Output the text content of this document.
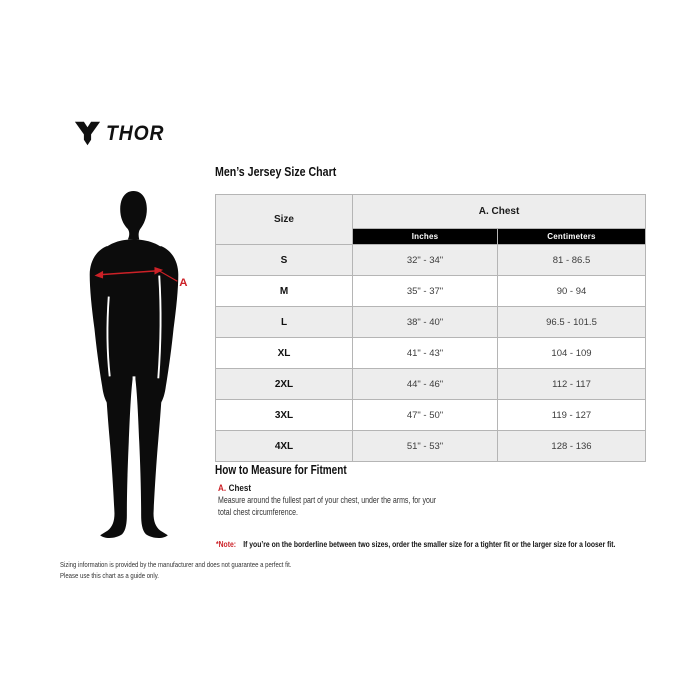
THOR
A
Men’s Jersey Size Chart
Size	A. Chest	
	Inches	Centimeters
S	32" - 34"	81 - 86.5
M	35" - 37"	90 - 94
L	38" - 40"	96.5 - 101.5
XL	41" - 43"	104 - 109
2XL	44" - 46"	112 - 117
3XL	47" - 50"	119 - 127
4XL	51" - 53"	128 - 136
How to Measure for Fitment
A. Chest
Measure around the fullest part of your chest, under the arms, for your
total chest circumference.
*Note: If you’re on the borderline between two sizes, order the smaller size for a tighter fit or the larger size for a looser fit.
Sizing information is provided by the manufacturer and does not guarantee a perfect fit.
Please use this chart as a guide only.
